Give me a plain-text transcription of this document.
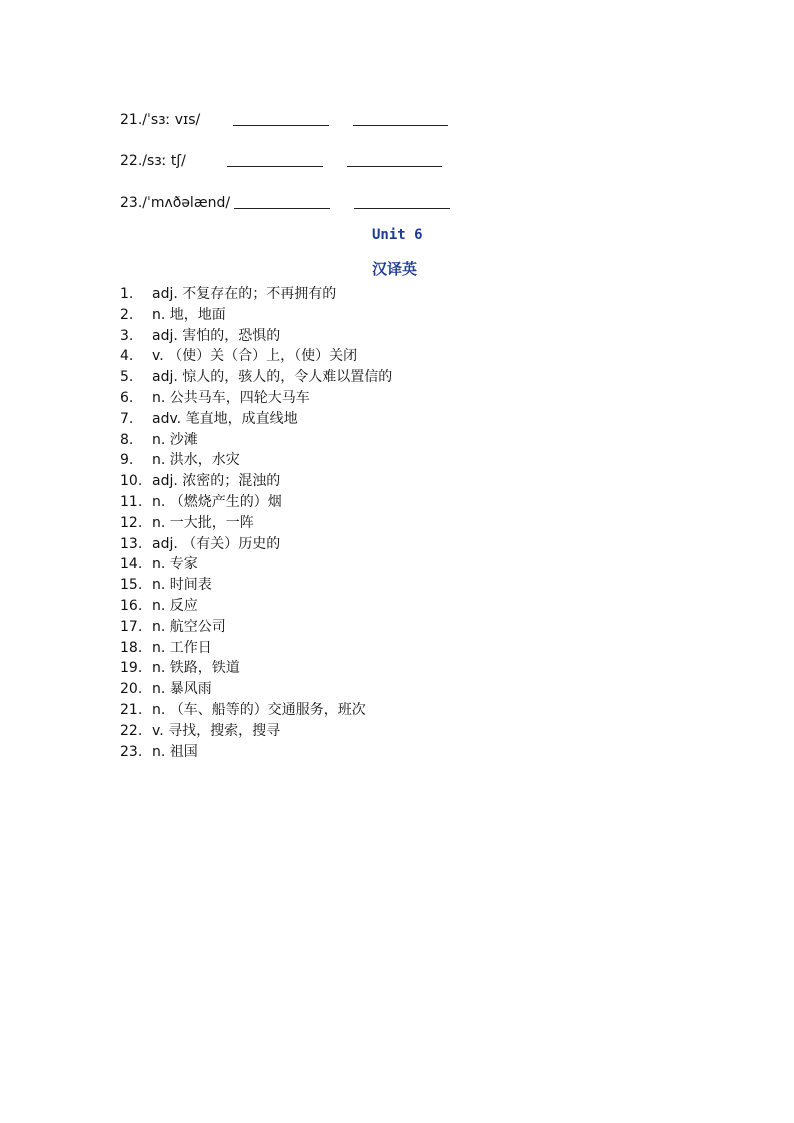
21./ˈsɜː vɪs/
22./sɜː tʃ/
23./ˈmʌðəlænd/
Unit 6
汉译英
1. adj. 不复存在的；不再拥有的
2. n. 地，地面
3. adj. 害怕的，恐惧的
4. v. （使）关（合）上，（使）关闭
5. adj. 惊人的，骇人的，令人难以置信的
6. n. 公共马车，四轮大马车
7. adv. 笔直地，成直线地
8. n. 沙滩
9. n. 洪水，水灾
10. adj. 浓密的；混浊的
11. n. （燃烧产生的）烟
12. n. 一大批，一阵
13. adj. （有关）历史的
14. n. 专家
15. n. 时间表
16. n. 反应
17. n. 航空公司
18. n. 工作日
19. n. 铁路，铁道
20. n. 暴风雨
21. n. （车、船等的）交通服务，班次
22. v. 寻找，搜索，搜寻
23. n. 祖国
